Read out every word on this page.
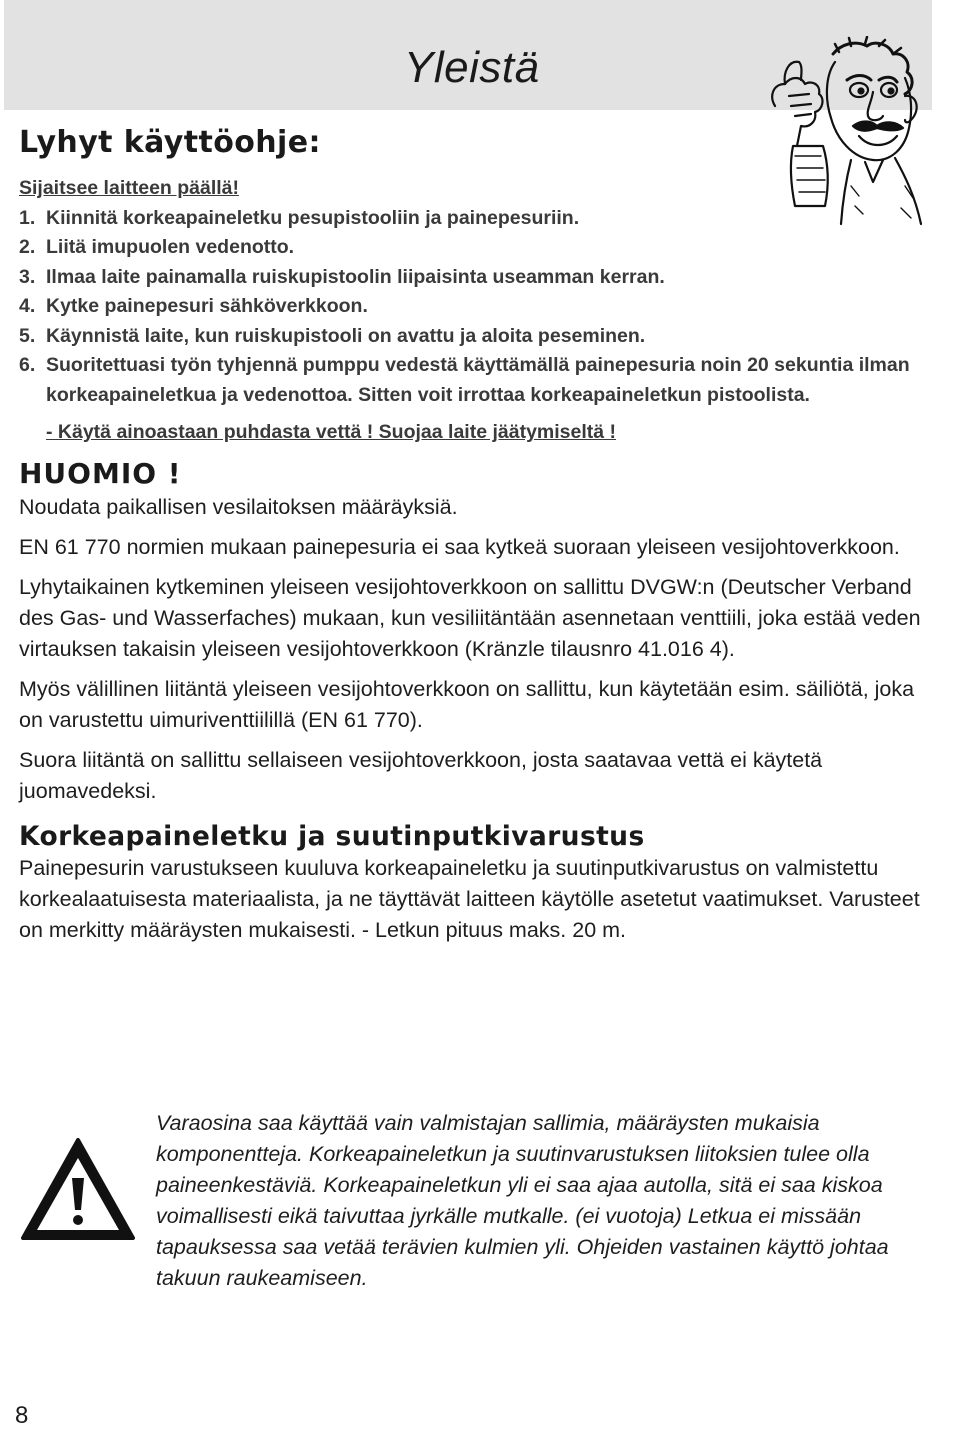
Yleistä
Lyhyt käyttöohje:
Sijaitsee laitteen päällä!
1. Kiinnitä korkeapaineletku pesupistooliin ja painepesuriin.
2. Liitä imupuolen vedenotto.
3. Ilmaa laite painamalla ruiskupistoolin liipaisinta useamman kerran.
4. Kytke painepesuri sähköverkkoon.
5. Käynnistä laite, kun ruiskupistooli on avattu ja aloita peseminen.
6. Suoritettuasi työn tyhjennä pumppu vedestä käyttämällä painepesuria noin 20 sekuntia ilman korkeapaineletkua ja vedenottoa. Sitten voit irrottaa korkeapaineletkun pistoolista.
- Käytä ainoastaan puhdasta vettä ! Suojaa laite jäätymiseltä !
HUOMIO !

Noudata paikallisen vesilaitoksen määräyksiä.

EN 61 770 normien mukaan painepesuria ei saa kytkeä suoraan yleiseen vesijohtoverkkoon.

Lyhytaikainen kytkeminen yleiseen vesijohtoverkkoon on sallittu DVGW:n (Deutscher Verband des Gas- und Wasserfaches) mukaan, kun vesiliitäntään asennetaan venttiili, joka estää veden virtauksen takaisin yleiseen vesijohtoverkkoon (Kränzle tilausnro 41.016 4).

Myös välillinen liitäntä yleiseen vesijohtoverkkoon on sallittu, kun käytetään esim. säiliötä, joka on varustettu uimuriventtiilillä (EN 61 770).

Suora liitäntä on sallittu sellaiseen vesijohtoverkkoon, josta saatavaa vettä ei käytetä juomavedeksi.

Korkeapaineletku ja suutinputkivarustus

Painepesurin varustukseen kuuluva korkeapaineletku ja suutinputkivarustus on valmistettu korkealaatuisesta materiaalista, ja ne täyttävät laitteen käytölle asetetut vaatimukset. Varusteet on merkitty määräysten mukaisesti. - Letkun pituus maks. 20 m.

Varaosina saa käyttää vain valmistajan sallimia, määräysten mukaisia komponentteja. Korkeapaineletkun ja suutinvarustuksen liitoksien tulee olla paineenkestäviä. Korkeapaineletkun yli ei saa ajaa autolla, sitä ei saa kiskoa voimallisesti eikä taivuttaa jyrkälle mutkalle. (ei vuotoja) Letkua ei missään tapauksessa saa vetää terävien kulmien yli. Ohjeiden vastainen käyttö johtaa takuun raukeamiseen.

8
